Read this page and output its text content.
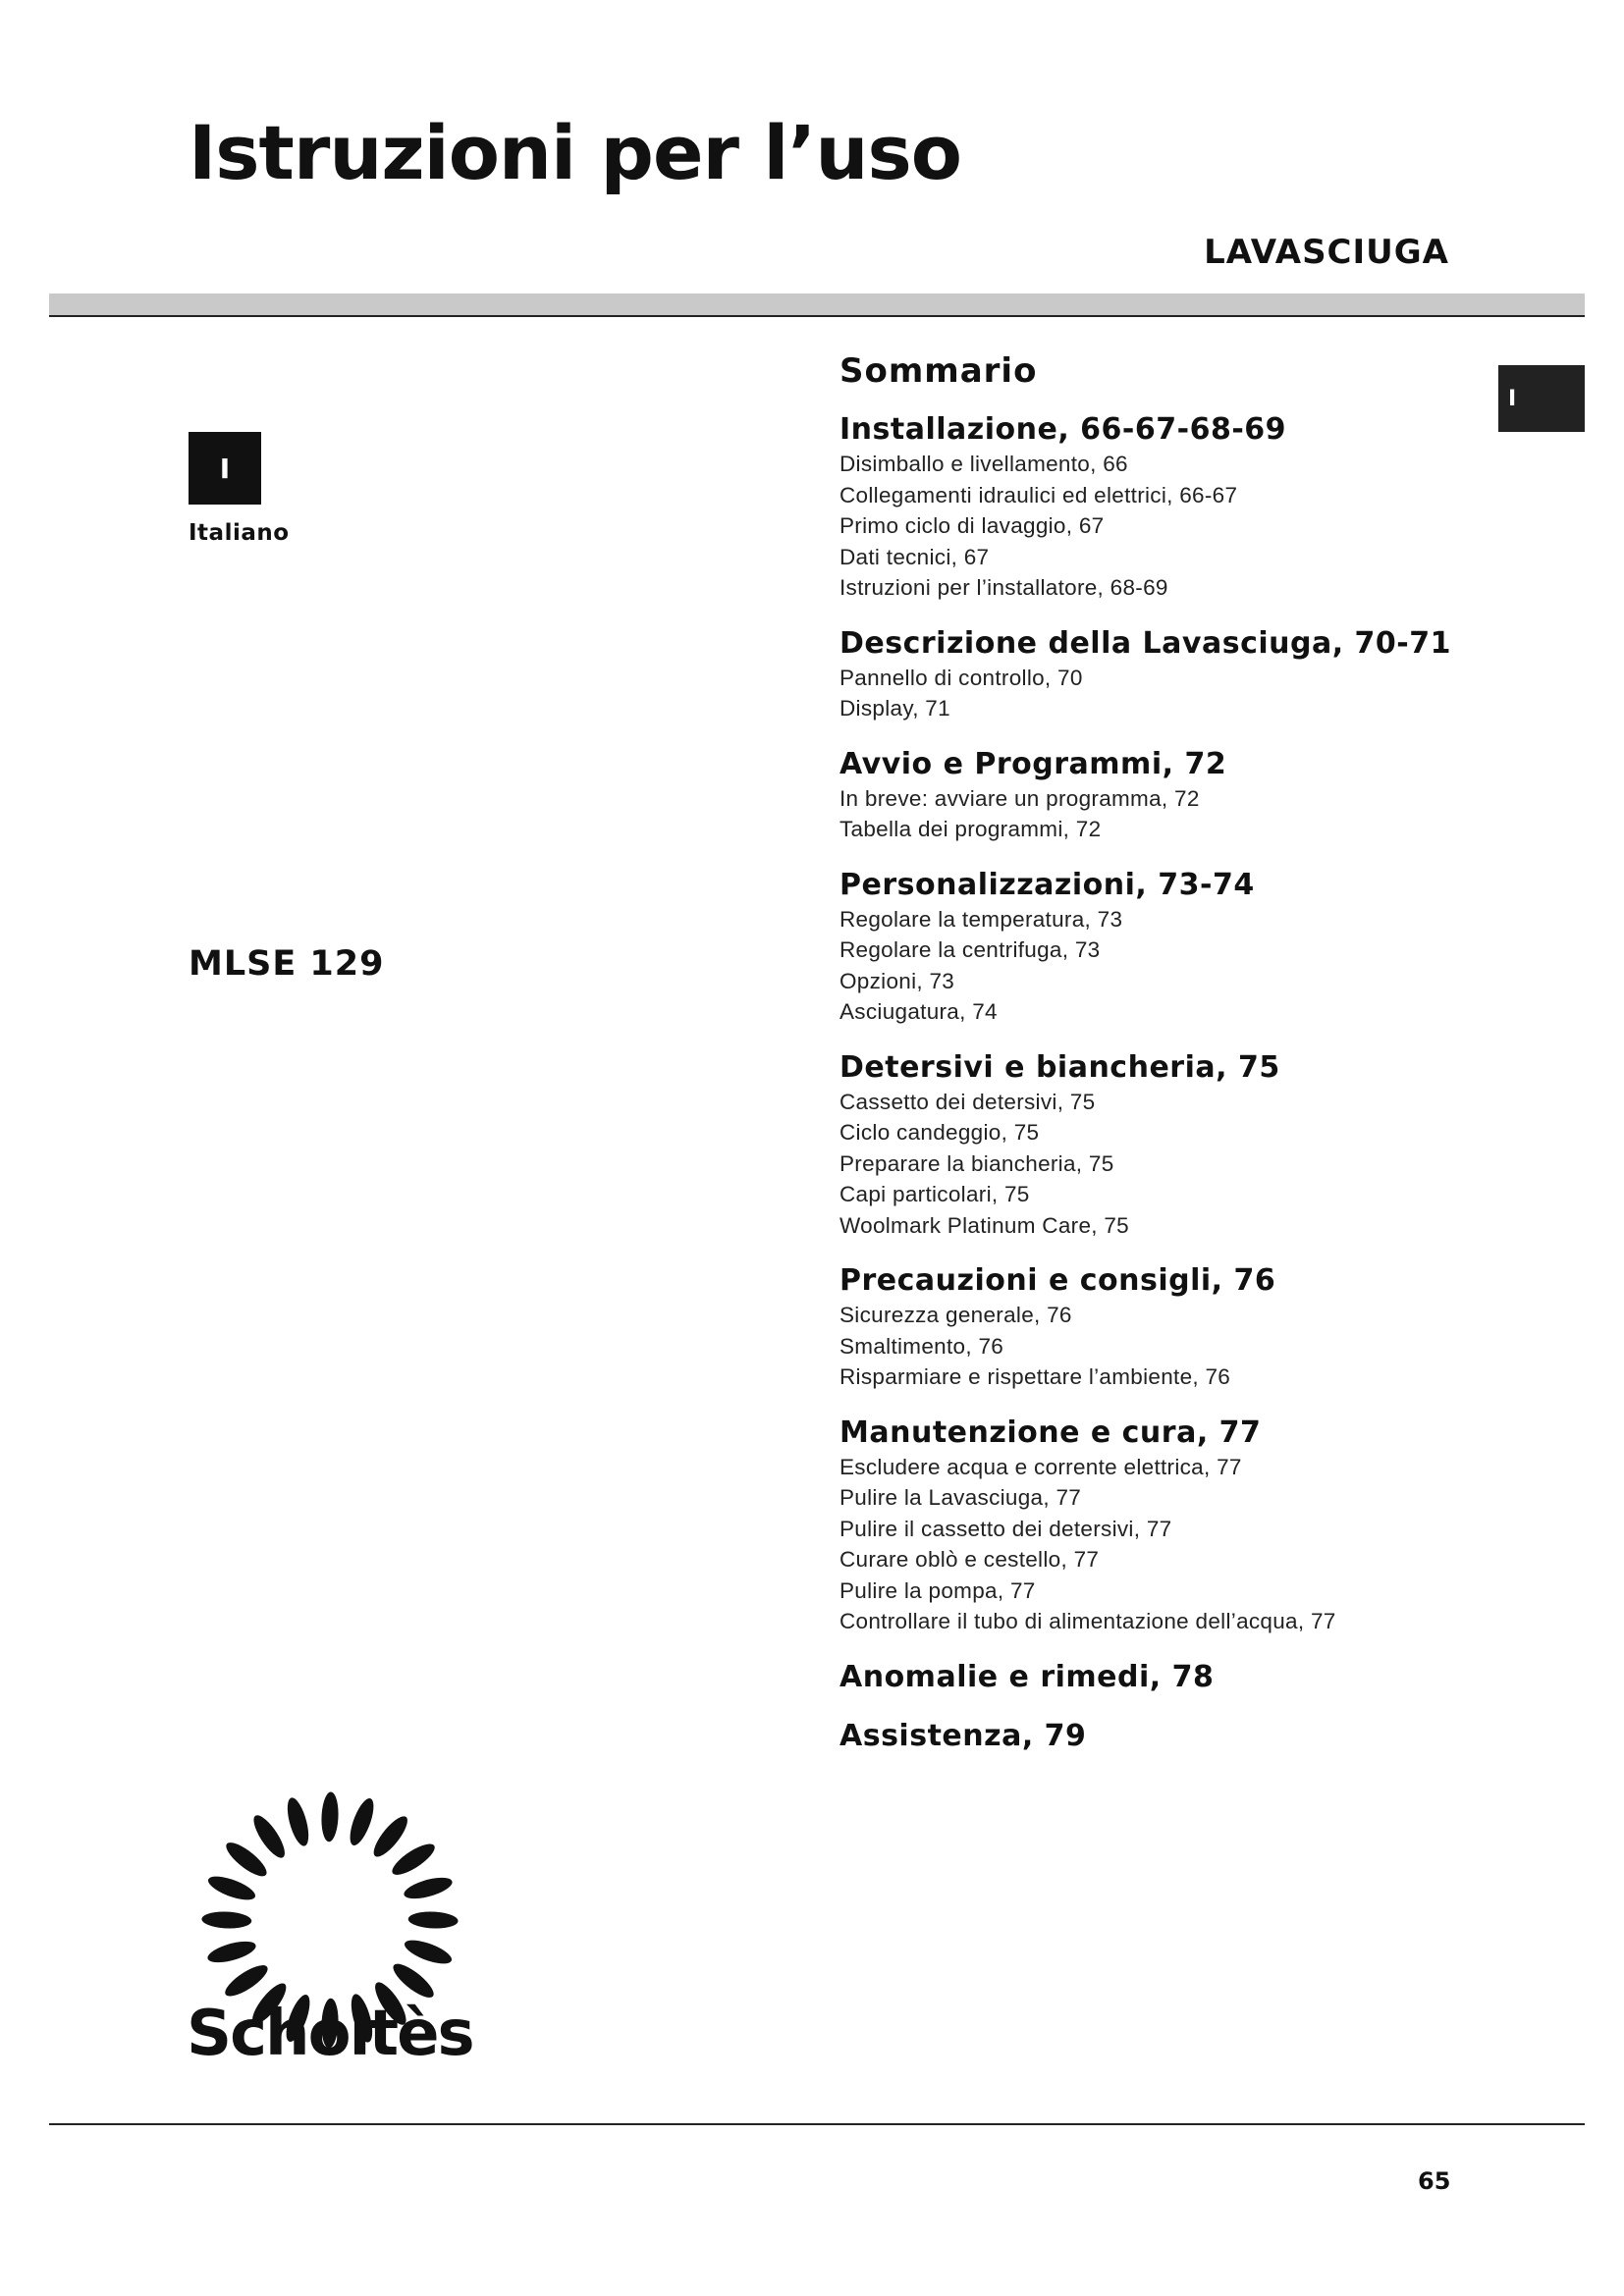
Istruzioni per l’uso
LAVASCIUGA
I
Italiano
MLSE 129
I
Sommario
Installazione, 66-67-68-69
Disimballo e livellamento, 66
Collegamenti idraulici ed elettrici, 66-67
Primo ciclo di lavaggio, 67
Dati tecnici, 67
Istruzioni per l’installatore, 68-69
Descrizione della Lavasciuga, 70-71
Pannello di controllo, 70
Display, 71
Avvio e Programmi, 72
In breve: avviare un programma, 72
Tabella dei programmi, 72
Personalizzazioni, 73-74
Regolare la temperatura, 73
Regolare la centrifuga, 73
Opzioni, 73
Asciugatura, 74
Detersivi e biancheria, 75
Cassetto dei detersivi, 75
Ciclo candeggio, 75
Preparare la biancheria, 75
Capi particolari, 75
Woolmark Platinum Care, 75
Precauzioni e consigli, 76
Sicurezza generale, 76
Smaltimento, 76
Risparmiare e rispettare l’ambiente, 76
Manutenzione e cura, 77
Escludere acqua e corrente elettrica, 77
Pulire la Lavasciuga, 77
Pulire il cassetto dei detersivi, 77
Curare oblò e cestello, 77
Pulire la pompa, 77
Controllare il tubo di alimentazione dell’acqua, 77
Anomalie e rimedi, 78
Assistenza, 79
Scholtès
65
